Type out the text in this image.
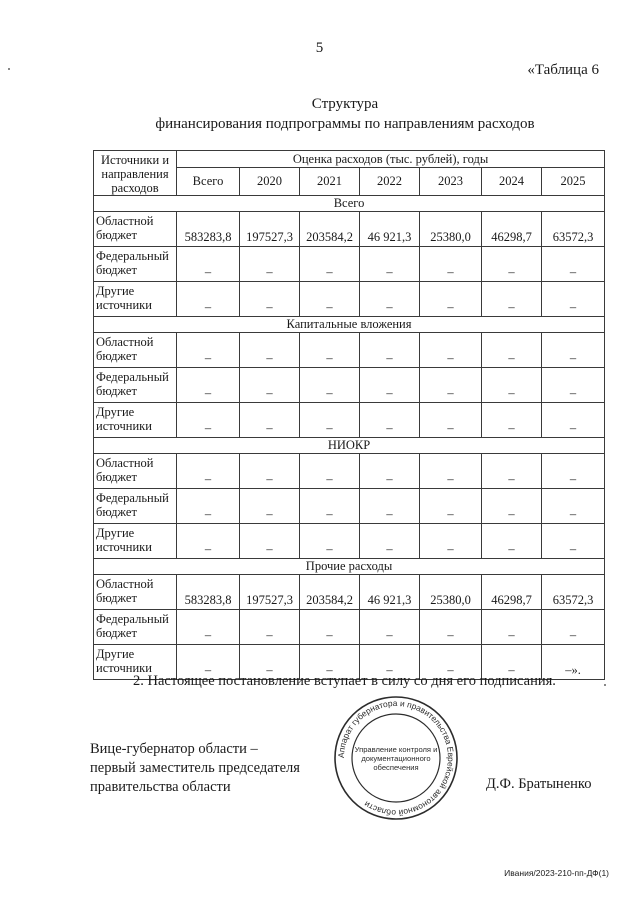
5
«Таблица 6
Структура
финансирования подпрограммы по направлениям расходов
Источники и
направления
расходов	Оценка расходов (тыс. рублей), годы						
	Всего	2020	2021	2022	2023	2024	2025
Всего							

Областной
бюджет	583283,8	197527,3	203584,2	46 921,3	25380,0	46298,7	63572,3

Федеральный
бюджет	–	–	–	–	–	–	–

Другие
источники	–	–	–	–	–	–	–
Капитальные вложения							

Областной
бюджет	–	–	–	–	–	–	–

Федеральный
бюджет	–	–	–	–	–	–	–

Другие
источники	–	–	–	–	–	–	–
НИОКР							

Областной
бюджет	–	–	–	–	–	–	–

Федеральный
бюджет	–	–	–	–	–	–	–

Другие
источники	–	–	–	–	–	–	–
Прочие расходы							

Областной
бюджет	583283,8	197527,3	203584,2	46 921,3	25380,0	46298,7	63572,3

Федеральный
бюджет	–	–	–	–	–	–	–

Другие
источники	–	–	–	–	–	–	–».
2. Настоящее постановление вступает в силу со дня его подписания.
Вице-губернатор области –
первый заместитель председателя
правительства области	Д.Ф. Братыненко
Аппарат губернатора и правительства Еврейской автономной области
Управление контроля и
документационного
обеспечения
Ивания/2023-210-пп-ДФ(1)
